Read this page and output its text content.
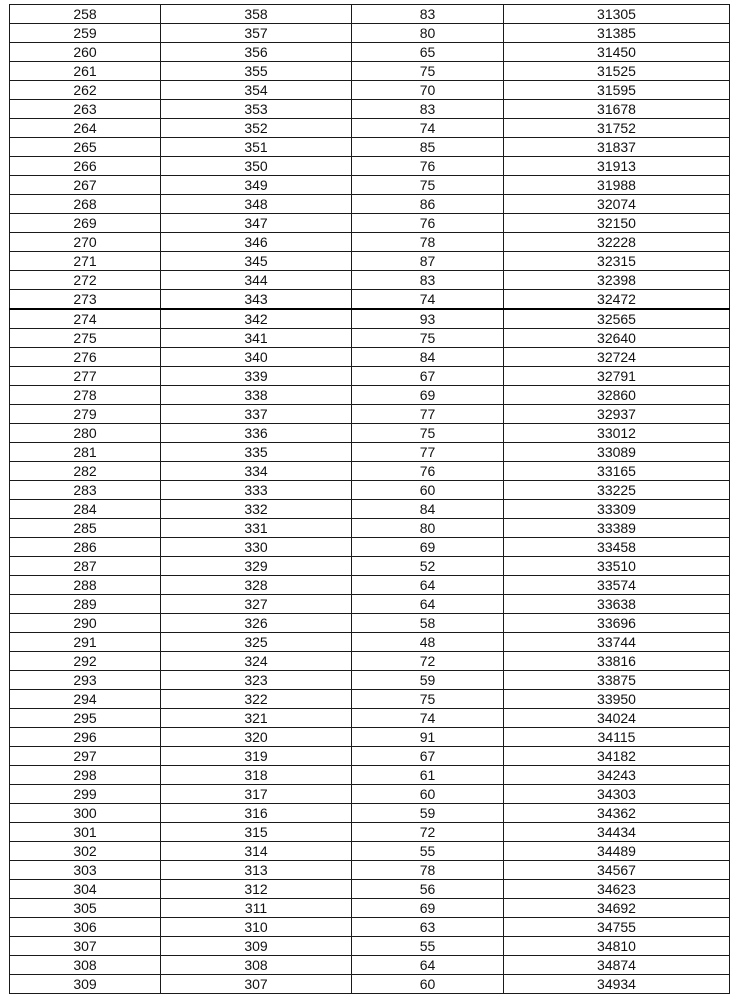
258	358	83	31305
259	357	80	31385
260	356	65	31450
261	355	75	31525
262	354	70	31595
263	353	83	31678
264	352	74	31752
265	351	85	31837
266	350	76	31913
267	349	75	31988
268	348	86	32074
269	347	76	32150
270	346	78	32228
271	345	87	32315
272	344	83	32398
273	343	74	32472
274	342	93	32565
275	341	75	32640
276	340	84	32724
277	339	67	32791
278	338	69	32860
279	337	77	32937
280	336	75	33012
281	335	77	33089
282	334	76	33165
283	333	60	33225
284	332	84	33309
285	331	80	33389
286	330	69	33458
287	329	52	33510
288	328	64	33574
289	327	64	33638
290	326	58	33696
291	325	48	33744
292	324	72	33816
293	323	59	33875
294	322	75	33950
295	321	74	34024
296	320	91	34115
297	319	67	34182
298	318	61	34243
299	317	60	34303
300	316	59	34362
301	315	72	34434
302	314	55	34489
303	313	78	34567
304	312	56	34623
305	311	69	34692
306	310	63	34755
307	309	55	34810
308	308	64	34874
309	307	60	34934
